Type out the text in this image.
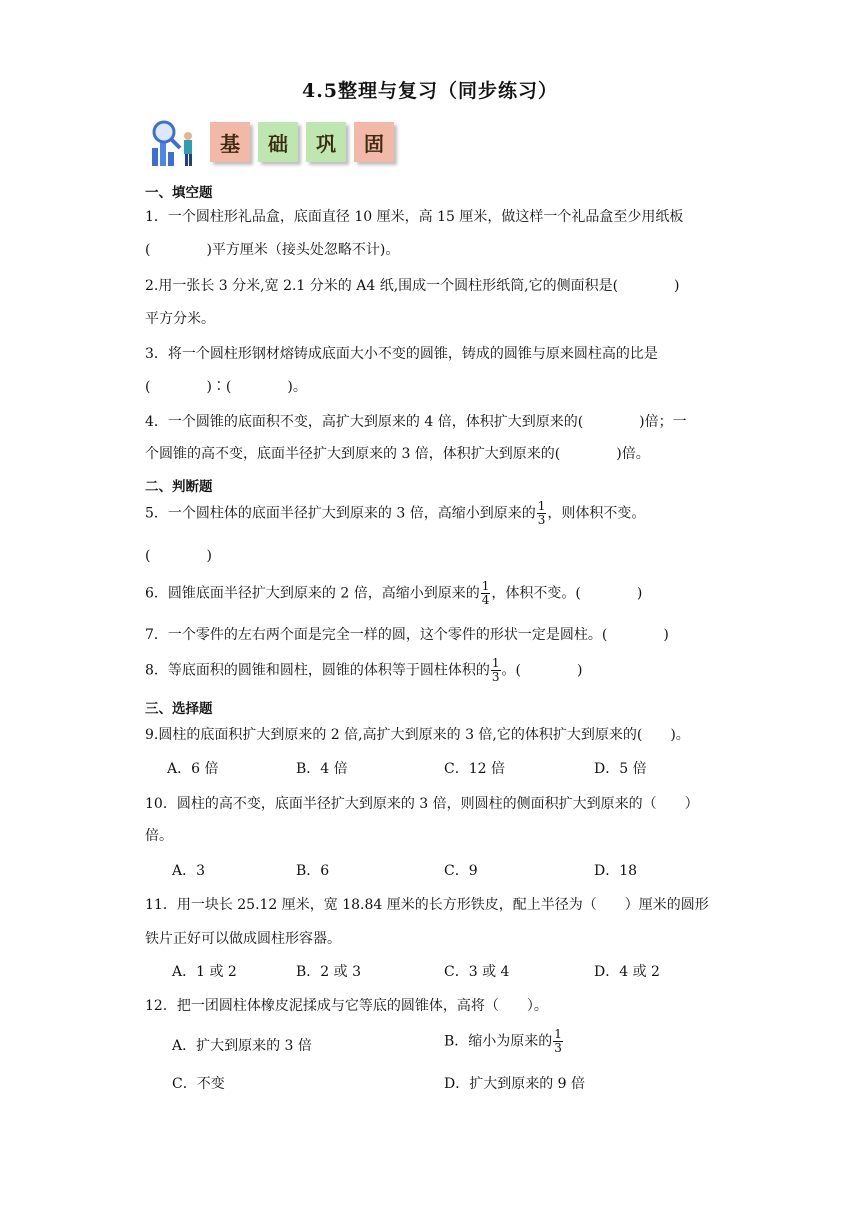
4.5整理与复习（同步练习）
基 础 巩 固
一、填空题
1．一个圆柱形礼品盒，底面直径 10 厘米，高 15 厘米，做这样一个礼品盒至少用纸板
(　　　　)平方厘米（接头处忽略不计)。
2.用一张长 3 分米,宽 2.1 分米的 A4 纸,围成一个圆柱形纸筒,它的侧面积是(　　　　)
平方分米。
3．将一个圆柱形钢材熔铸成底面大小不变的圆锥，铸成的圆锥与原来圆柱高的比是
(　　　　)∶(　　　　)。
4．一个圆锥的底面积不变，高扩大到原来的 4 倍，体积扩大到原来的(　　　　)倍；一
个圆锥的高不变，底面半径扩大到原来的 3 倍，体积扩大到原来的(　　　　)倍。
二、判断题
5．一个圆柱体的底面半径扩大到原来的 3 倍，高缩小到原来的 $\frac{1}{3}$ ，则体积不变。
(　　　　)
6．圆锥底面半径扩大到原来的 2 倍，高缩小到原来的 $\frac{1}{4}$ ，体积不变。(　　　　)
7．一个零件的左右两个面是完全一样的圆，这个零件的形状一定是圆柱。(　　　　)
8．等底面积的圆锥和圆柱，圆锥的体积等于圆柱体积的 $\frac{1}{3}$ 。(　　　　)
三、选择题
9.圆柱的底面积扩大到原来的 2 倍,高扩大到原来的 3 倍,它的体积扩大到原来的(　　)。
A．6 倍	B．4 倍	C．12 倍	D．5 倍
10．圆柱的高不变，底面半径扩大到原来的 3 倍，则圆柱的侧面积扩大到原来的（　　）
倍。
A．3	B．6	C．9	D．18
11．用一块长 25.12 厘米，宽 18.84 厘米的长方形铁皮，配上半径为（　　）厘米的圆形
铁片正好可以做成圆柱形容器。
A．1 或 2	B．2 或 3	C．3 或 4	D．4 或 2
12．把一团圆柱体橡皮泥揉成与它等底的圆锥体，高将（　　）。
A．扩大到原来的 3 倍	B．缩小为原来的 $\frac{1}{3}$
C．不变	D．扩大到原来的 9 倍
